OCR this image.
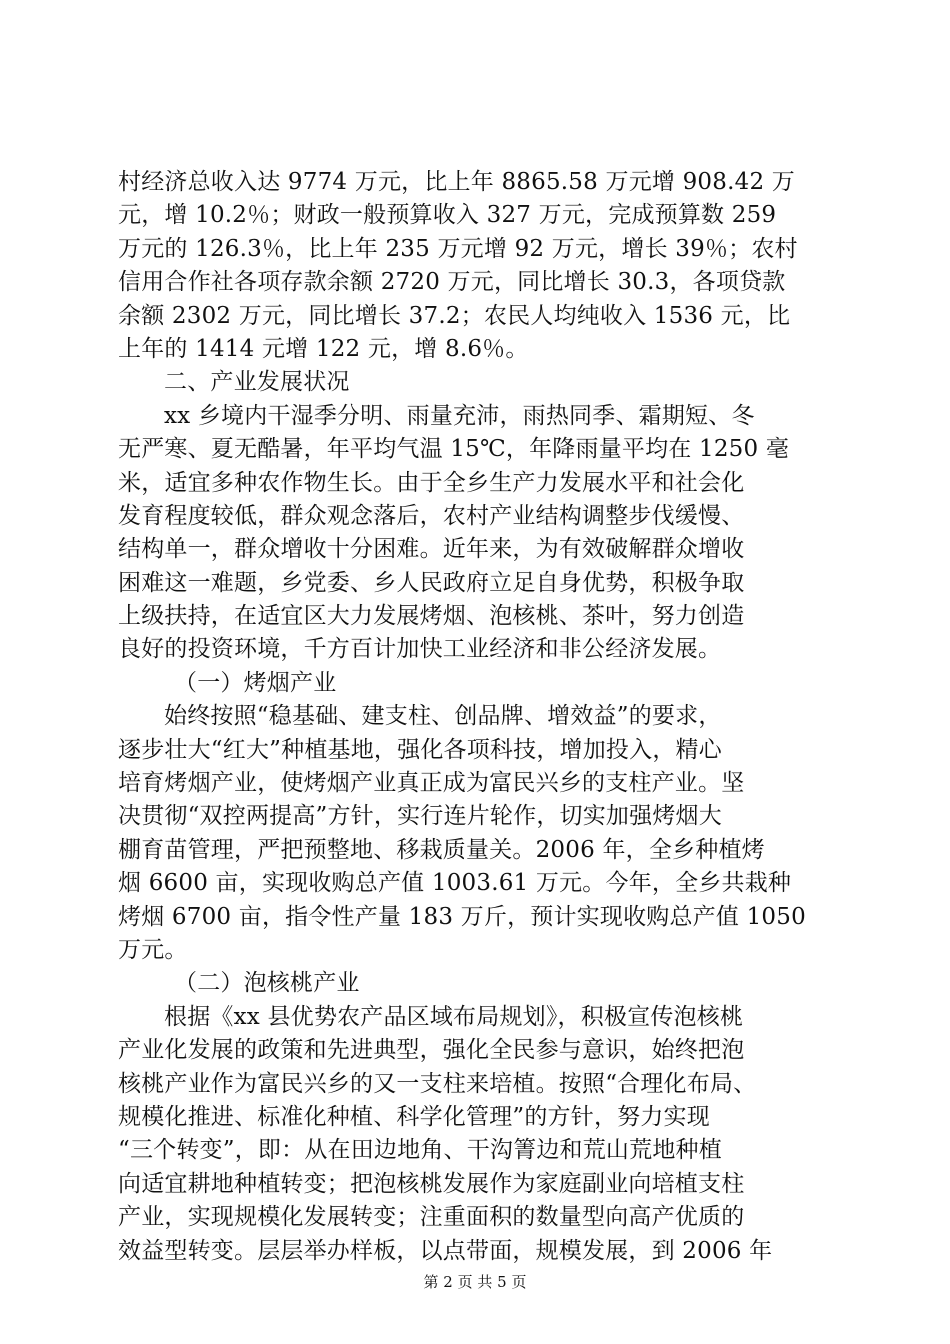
村经济总收入达 9774 万元，比上年 8865.58 万元增 908.42 万
元，增 10.2％；财政一般预算收入 327 万元，完成预算数 259
万元的 126.3％，比上年 235 万元增 92 万元，增长 39％；农村
信用合作社各项存款余额 2720 万元，同比增长 30.3，各项贷款
余额 2302 万元，同比增长 37.2；农民人均纯收入 1536 元，比
上年的 1414 元增 122 元，增 8.6％。
二、产业发展状况
xx 乡境内干湿季分明、雨量充沛，雨热同季、霜期短、冬
无严寒、夏无酷暑，年平均气温 15℃，年降雨量平均在 1250 毫
米，适宜多种农作物生长。由于全乡生产力发展水平和社会化
发育程度较低，群众观念落后，农村产业结构调整步伐缓慢、
结构单一，群众增收十分困难。近年来，为有效破解群众增收
困难这一难题，乡党委、乡人民政府立足自身优势，积极争取
上级扶持，在适宜区大力发展烤烟、泡核桃、茶叶，努力创造
良好的投资环境，千方百计加快工业经济和非公经济发展。
（一）烤烟产业
始终按照“稳基础、建支柱、创品牌、增效益”的要求，
逐步壮大“红大”种植基地，强化各项科技，增加投入，精心
培育烤烟产业，使烤烟产业真正成为富民兴乡的支柱产业。坚
决贯彻“双控两提高”方针，实行连片轮作，切实加强烤烟大
棚育苗管理，严把预整地、移栽质量关。2006 年，全乡种植烤
烟 6600 亩，实现收购总产值 1003.61 万元。今年，全乡共栽种
烤烟 6700 亩，指令性产量 183 万斤，预计实现收购总产值 1050
万元。
（二）泡核桃产业
根据《xx 县优势农产品区域布局规划》，积极宣传泡核桃
产业化发展的政策和先进典型，强化全民参与意识，始终把泡
核桃产业作为富民兴乡的又一支柱来培植。按照“合理化布局、
规模化推进、标准化种植、科学化管理”的方针，努力实现
“三个转变”，即：从在田边地角、干沟箐边和荒山荒地种植
向适宜耕地种植转变；把泡核桃发展作为家庭副业向培植支柱
产业，实现规模化发展转变；注重面积的数量型向高产优质的
效益型转变。层层举办样板，以点带面，规模发展，到 2006 年
第 2 页 共 5 页
